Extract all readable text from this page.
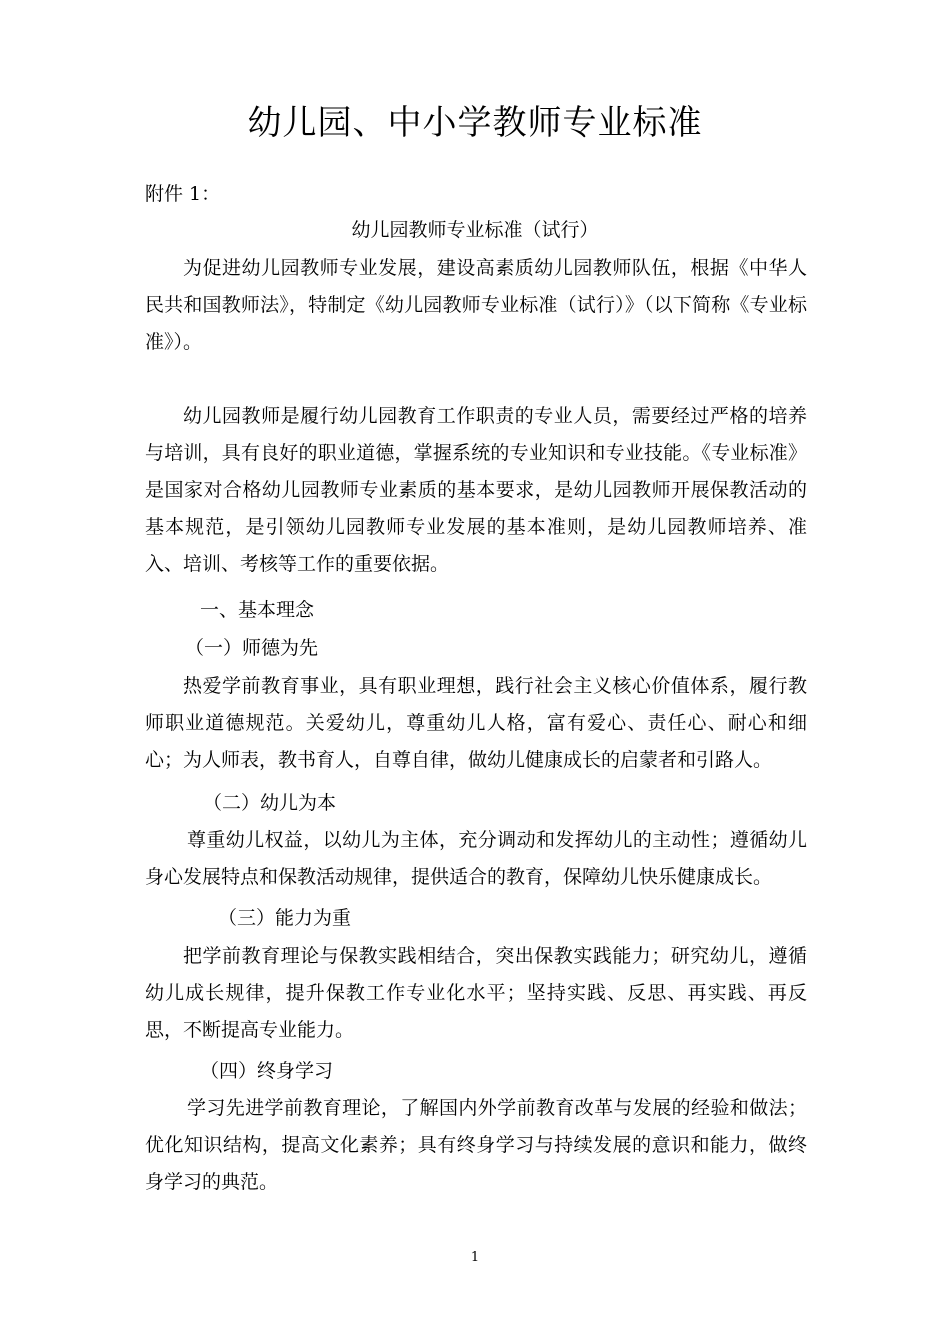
幼儿园、中小学教师专业标准
附件 1：
幼儿园教师专业标准（试行）
为促进幼儿园教师专业发展，建设高素质幼儿园教师队伍，根据《中华人民共和国教师法》，特制定《幼儿园教师专业标准（试行）》（以下简称《专业标准》）。
幼儿园教师是履行幼儿园教育工作职责的专业人员，需要经过严格的培养与培训，具有良好的职业道德，掌握系统的专业知识和专业技能。《专业标准》是国家对合格幼儿园教师专业素质的基本要求，是幼儿园教师开展保教活动的基本规范，是引领幼儿园教师专业发展的基本准则，是幼儿园教师培养、准入、培训、考核等工作的重要依据。
一、基本理念
（一）师德为先
热爱学前教育事业，具有职业理想，践行社会主义核心价值体系，履行教师职业道德规范。关爱幼儿，尊重幼儿人格，富有爱心、责任心、耐心和细心；为人师表，教书育人，自尊自律，做幼儿健康成长的启蒙者和引路人。
（二）幼儿为本
尊重幼儿权益，以幼儿为主体，充分调动和发挥幼儿的主动性；遵循幼儿身心发展特点和保教活动规律，提供适合的教育，保障幼儿快乐健康成长。
（三）能力为重
把学前教育理论与保教实践相结合，突出保教实践能力；研究幼儿，遵循幼儿成长规律，提升保教工作专业化水平；坚持实践、反思、再实践、再反思，不断提高专业能力。
（四）终身学习
学习先进学前教育理论，了解国内外学前教育改革与发展的经验和做法；优化知识结构，提高文化素养；具有终身学习与持续发展的意识和能力，做终身学习的典范。
1
